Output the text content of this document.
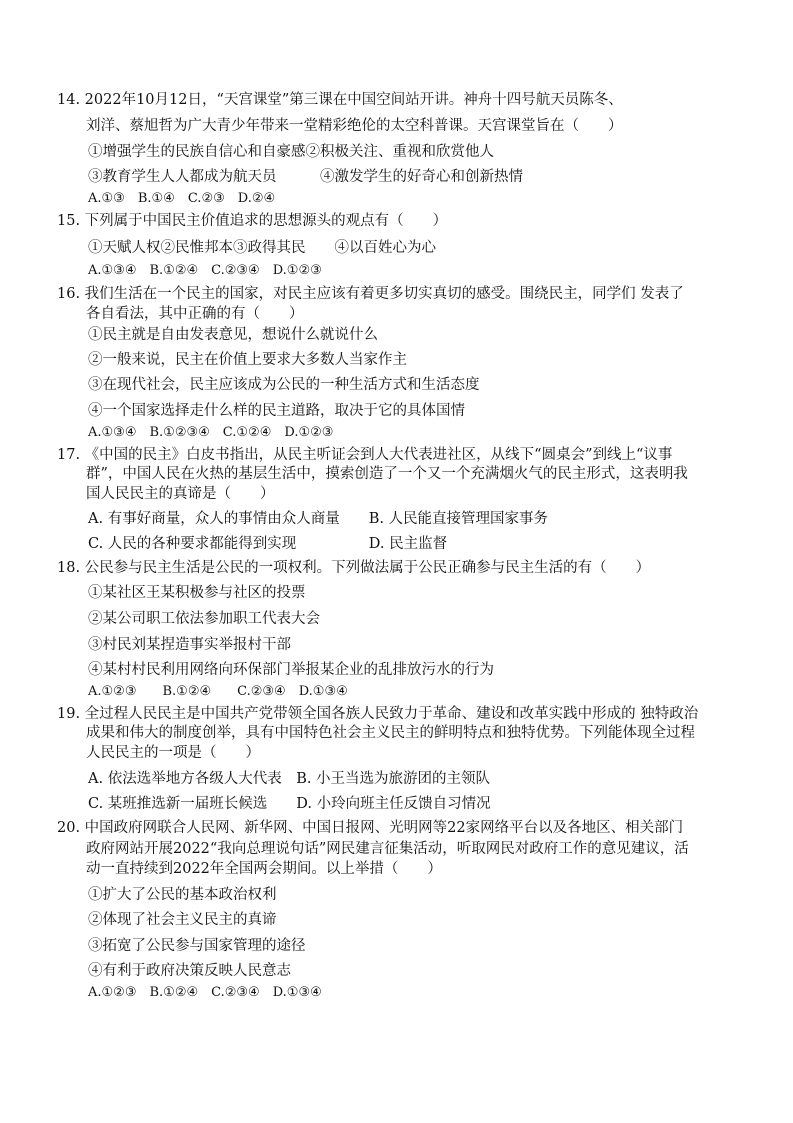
14. 2022年10月12日，“天宫课堂”第三课在中国空间站开讲。神舟十四号航天员陈冬、
刘洋、蔡旭哲为广大青少年带来一堂精彩绝伦的太空科普课。天宫课堂旨在（　　）
①增强学生的民族自信心和自豪感②积极关注、重视和欣赏他人
③教育学生人人都成为航天员　　　④激发学生的好奇心和创新热情
A.①③　B.①④　C.②③　D.②④
15. 下列属于中国民主价值追求的思想源头的观点有（　　）
①天赋人权②民惟邦本③政得其民　　④以百姓心为心
A.①③④　B.①②④　C.②③④　D.①②③
16. 我们生活在一个民主的国家，对民主应该有着更多切实真切的感受。围绕民主，同学们 发表了
各自看法，其中正确的有（　　）
①民主就是自由发表意见，想说什么就说什么
②一般来说，民主在价值上要求大多数人当家作主
③在现代社会，民主应该成为公民的一种生活方式和生活态度
④一个国家选择走什么样的民主道路，取决于它的具体国情
A.①③④　B.①②③④　C.①②④　D.①②③
17. 《中国的民主》白皮书指出，从民主听证会到人大代表进社区，从线下“圆桌会”到线上“议事
群”，中国人民在火热的基层生活中，摸索创造了一个又一个充满烟火气的民主形式，这表明我
国人民民主的真谛是（　　）
A. 有事好商量，众人的事情由众人商量　　B. 人民能直接管理国家事务
C. 人民的各种要求都能得到实现　　　　　D. 民主监督
18. 公民参与民主生活是公民的一项权利。下列做法属于公民正确参与民主生活的有（　　）
①某社区王某积极参与社区的投票
②某公司职工依法参加职工代表大会
③村民刘某捏造事实举报村干部
④某村村民利用网络向环保部门举报某企业的乱排放污水的行为
A.①②③　　B.①②④　　C.②③④　D.①③④
19. 全过程人民民主是中国共产党带领全国各族人民致力于革命、建设和改革实践中形成的 独特政治
成果和伟大的制度创举，具有中国特色社会主义民主的鲜明特点和独特优势。下列能体现全过程
人民民主的一项是（　　）
A. 依法选举地方各级人大代表　B. 小王当选为旅游团的主领队
C. 某班推选新一届班长候选　　D. 小玲向班主任反馈自习情况
20. 中国政府网联合人民网、新华网、中国日报网、光明网等22家网络平台以及各地区、相关部门
政府网站开展2022“我向总理说句话”网民建言征集活动，听取网民对政府工作的意见建议，活
动一直持续到2022年全国两会期间。以上举措（　　）
①扩大了公民的基本政治权利
②体现了社会主义民主的真谛
③拓宽了公民参与国家管理的途径
④有利于政府决策反映人民意志
A.①②③　B.①②④　C.②③④　D.①③④
